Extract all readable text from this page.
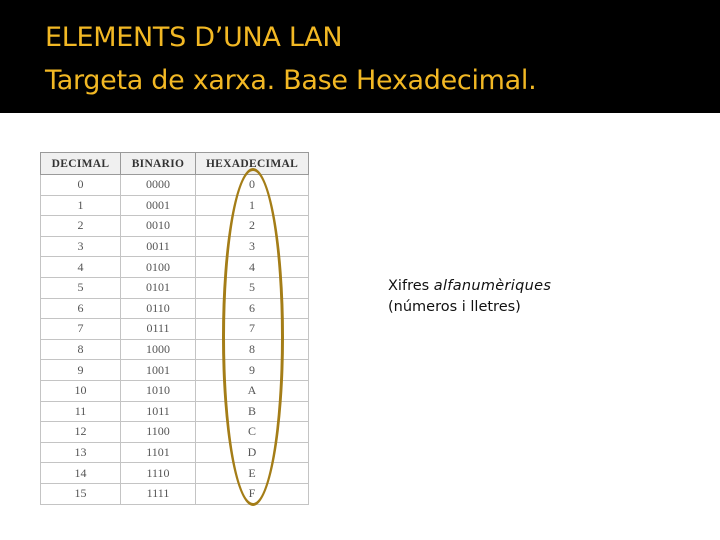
ELEMENTS D’UNA LAN
Targeta de xarxa. Base Hexadecimal.
DECIMAL	BINARIO	HEXADECIMAL
0	0000	0
1	0001	1
2	0010	2
3	0011	3
4	0100	4
5	0101	5
6	0110	6
7	0111	7
8	1000	8
9	1001	9
10	1010	A
11	1011	B
12	1100	C
13	1101	D
14	1110	E
15	1111	F
Xifres alfanumèriques
(números i lletres)
